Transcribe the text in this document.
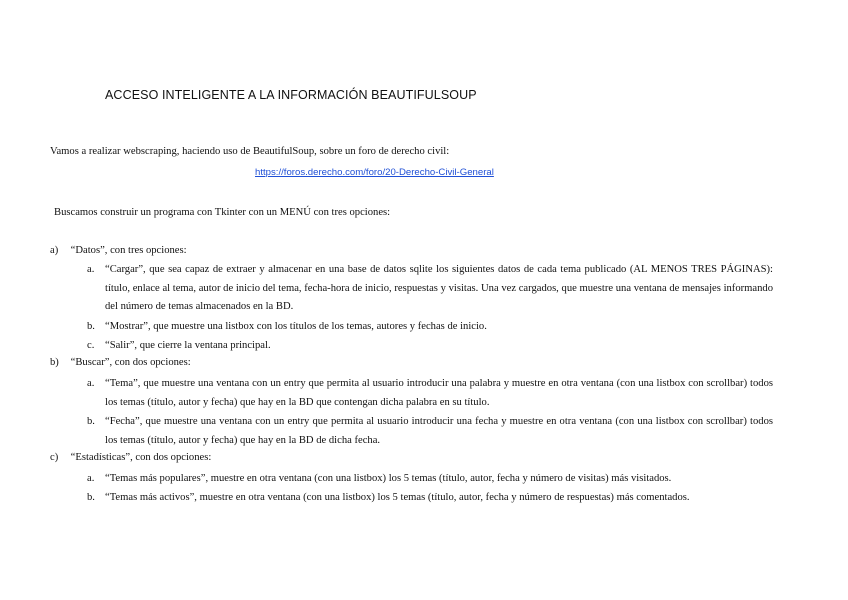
ACCESO INTELIGENTE A LA INFORMACIÓN BEAUTIFULSOUP
Vamos a realizar webscraping, haciendo uso de BeautifulSoup, sobre un foro de derecho civil:
https://foros.derecho.com/foro/20-Derecho-Civil-General
Buscamos construir un programa con Tkinter con un MENÚ con tres opciones:
a) “Datos”, con tres opciones:
a.	“Cargar”, que sea capaz de extraer y almacenar en una base de datos sqlite los siguientes datos de cada tema publicado (AL MENOS TRES PÁGINAS): título, enlace al tema, autor de inicio del tema, fecha-hora de inicio, respuestas y visitas. Una vez cargados, que muestre una ventana de mensajes informando del número de temas almacenados en la BD.
b. “Mostrar”, que muestre una listbox con los títulos de los temas, autores y fechas de inicio.
c.	“Salir”, que cierre la ventana principal.
b) “Buscar”, con dos opciones:
a.	“Tema”, que muestre una ventana con un entry que permita al usuario introducir una palabra y muestre en otra ventana (con una listbox con scrollbar) todos los temas (título, autor y fecha) que hay en la BD que contengan dicha palabra en su título.
b. “Fecha”, que muestre una ventana con un entry que permita al usuario introducir una fecha y muestre en otra ventana (con una listbox con scrollbar) todos los temas (título, autor y fecha) que hay en la BD de dicha fecha.
c) “Estadísticas”, con dos opciones:
a.	“Temas más populares”, muestre en otra ventana (con una listbox) los 5 temas (título, autor, fecha y número de visitas) más visitados.
b. “Temas más activos”, muestre en otra ventana (con una listbox) los 5 temas (título, autor, fecha y número de respuestas) más comentados.
